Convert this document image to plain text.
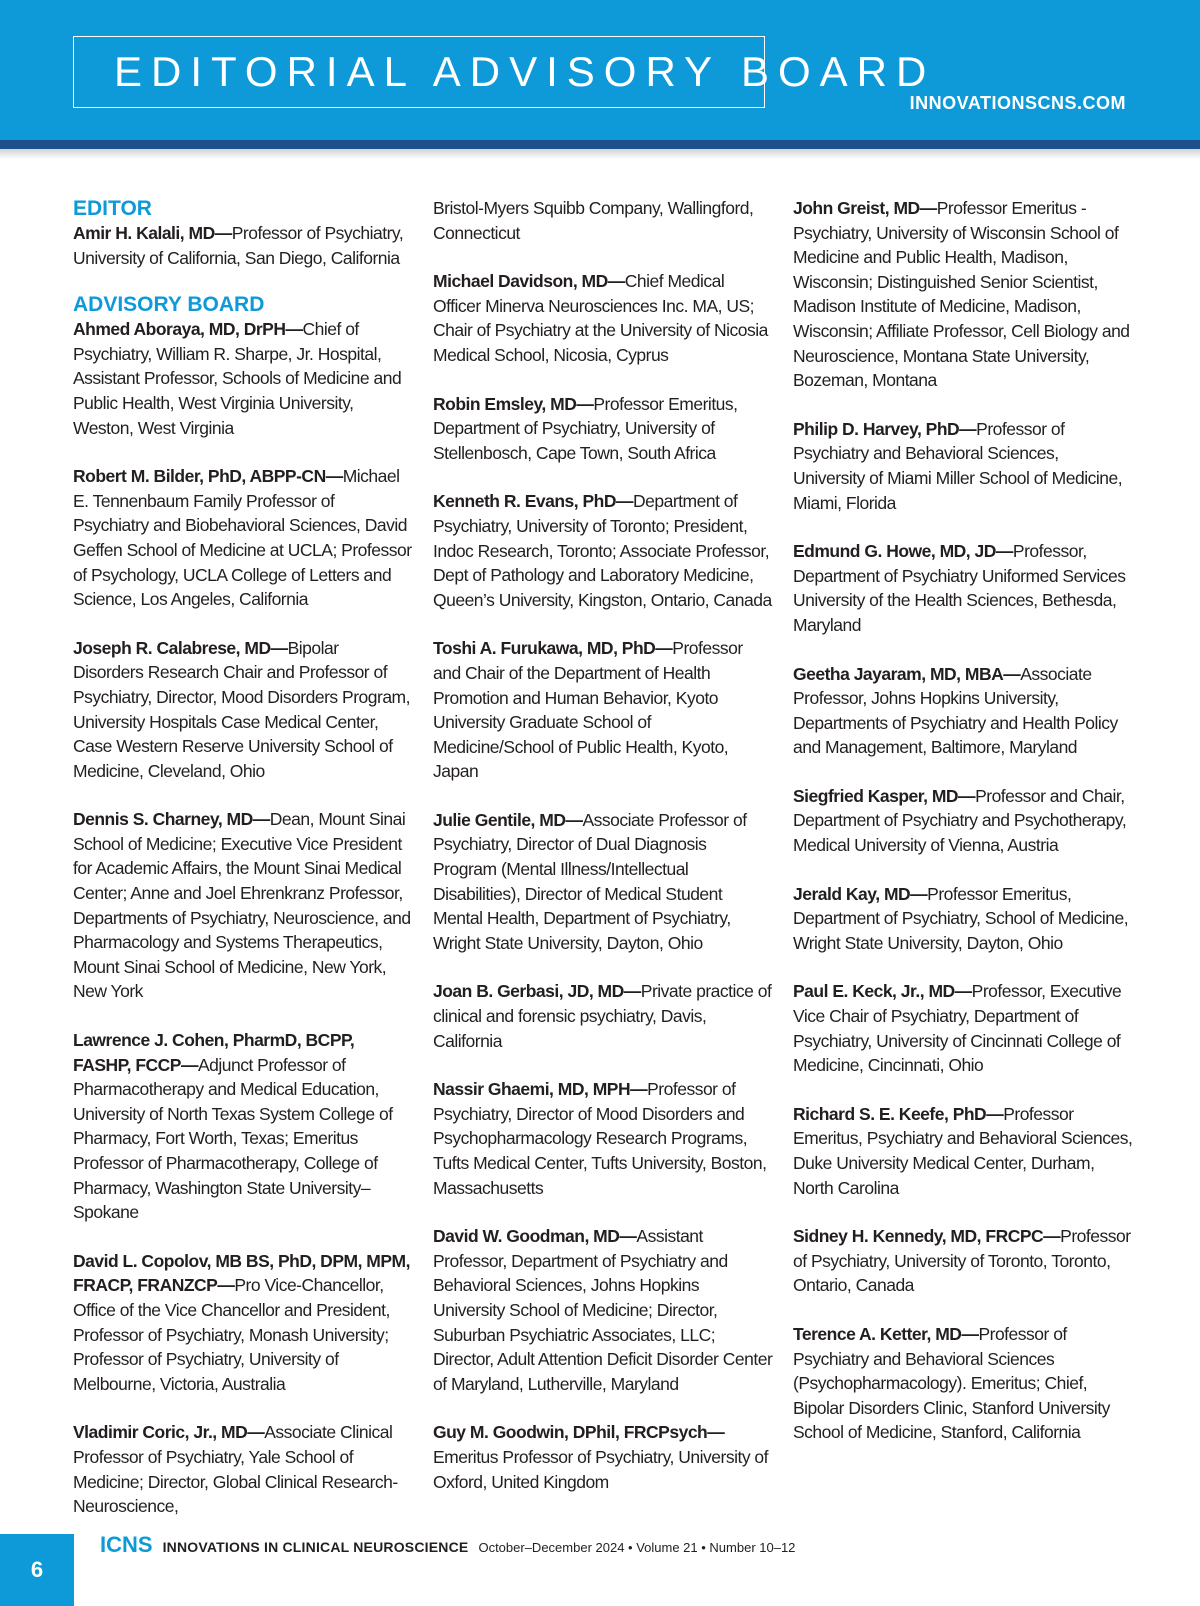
EDITORIAL ADVISORY BOARD
INNOVATIONSCNS.COM
EDITOR
Amir H. Kalali, MD—Professor of Psychiatry, University of California, San Diego, California
ADVISORY BOARD
Ahmed Aboraya, MD, DrPH—Chief of Psychiatry, William R. Sharpe, Jr. Hospital, Assistant Professor, Schools of Medicine and Public Health, West Virginia University, Weston, West Virginia
Robert M. Bilder, PhD, ABPP-CN—Michael E. Tennenbaum Family Professor of Psychiatry and Biobehavioral Sciences, David Geffen School of Medicine at UCLA; Professor of Psychology, UCLA College of Letters and Science, Los Angeles, California
Joseph R. Calabrese, MD—Bipolar Disorders Research Chair and Professor of Psychiatry, Director, Mood Disorders Program, University Hospitals Case Medical Center, Case Western Reserve University School of Medicine, Cleveland, Ohio
Dennis S. Charney, MD—Dean, Mount Sinai School of Medicine; Executive Vice President for Academic Affairs, the Mount Sinai Medical Center; Anne and Joel Ehrenkranz Professor, Departments of Psychiatry, Neuroscience, and Pharmacology and Systems Therapeutics, Mount Sinai School of Medicine, New York, New York
Lawrence J. Cohen, PharmD, BCPP, FASHP, FCCP—Adjunct Professor of Pharmacotherapy and Medical Education, University of North Texas System College of Pharmacy, Fort Worth, Texas; Emeritus Professor of Pharmacotherapy, College of Pharmacy, Washington State University–Spokane
David L. Copolov, MB BS, PhD, DPM, MPM, FRACP, FRANZCP—Pro Vice-Chancellor, Office of the Vice Chancellor and President, Professor of Psychiatry, Monash University; Professor of Psychiatry, University of Melbourne, Victoria, Australia
Vladimir Coric, Jr., MD—Associate Clinical Professor of Psychiatry, Yale School of Medicine; Director, Global Clinical Research-Neuroscience,
Bristol-Myers Squibb Company, Wallingford, Connecticut
Michael Davidson, MD—Chief Medical Officer Minerva Neurosciences Inc. MA, US; Chair of Psychiatry at the University of Nicosia Medical School, Nicosia, Cyprus
Robin Emsley, MD—Professor Emeritus, Department of Psychiatry, University of Stellenbosch, Cape Town, South Africa
Kenneth R. Evans, PhD—Department of Psychiatry, University of Toronto; President, Indoc Research, Toronto; Associate Professor, Dept of Pathology and Laboratory Medicine, Queen’s University, Kingston, Ontario, Canada
Toshi A. Furukawa, MD, PhD—Professor and Chair of the Department of Health Promotion and Human Behavior, Kyoto University Graduate School of Medicine/School of Public Health, Kyoto, Japan
Julie Gentile, MD—Associate Professor of Psychiatry, Director of Dual Diagnosis Program (Mental Illness/Intellectual Disabilities), Director of Medical Student Mental Health, Department of Psychiatry, Wright State University, Dayton, Ohio
Joan B. Gerbasi, JD, MD—Private practice of clinical and forensic psychiatry, Davis, California
Nassir Ghaemi, MD, MPH—Professor of Psychiatry, Director of Mood Disorders and Psychopharmacology Research Programs, Tufts Medical Center, Tufts University, Boston, Massachusetts
David W. Goodman, MD—Assistant Professor, Department of Psychiatry and Behavioral Sciences, Johns Hopkins University School of Medicine; Director, Suburban Psychiatric Associates, LLC; Director, Adult Attention Deficit Disorder Center of Maryland, Lutherville, Maryland
Guy M. Goodwin, DPhil, FRCPsych—Emeritus Professor of Psychiatry, University of Oxford, United Kingdom
John Greist, MD—Professor Emeritus - Psychiatry, University of Wisconsin School of Medicine and Public Health, Madison, Wisconsin; Distinguished Senior Scientist, Madison Institute of Medicine, Madison, Wisconsin; Affiliate Professor, Cell Biology and Neuroscience, Montana State University, Bozeman, Montana
Philip D. Harvey, PhD—Professor of Psychiatry and Behavioral Sciences, University of Miami Miller School of Medicine, Miami, Florida
Edmund G. Howe, MD, JD—Professor, Department of Psychiatry Uniformed Services University of the Health Sciences, Bethesda, Maryland
Geetha Jayaram, MD, MBA—Associate Professor, Johns Hopkins University, Departments of Psychiatry and Health Policy and Management, Baltimore, Maryland
Siegfried Kasper, MD—Professor and Chair, Department of Psychiatry and Psychotherapy, Medical University of Vienna, Austria
Jerald Kay, MD—Professor Emeritus, Department of Psychiatry, School of Medicine, Wright State University, Dayton, Ohio
Paul E. Keck, Jr., MD—Professor, Executive Vice Chair of Psychiatry, Department of Psychiatry, University of Cincinnati College of Medicine, Cincinnati, Ohio
Richard S. E. Keefe, PhD—Professor Emeritus, Psychiatry and Behavioral Sciences, Duke University Medical Center, Durham, North Carolina
Sidney H. Kennedy, MD, FRCPC—Professor of Psychiatry, University of Toronto, Toronto, Ontario, Canada
Terence A. Ketter, MD—Professor of Psychiatry and Behavioral Sciences (Psychopharmacology). Emeritus; Chief, Bipolar Disorders Clinic, Stanford University School of Medicine, Stanford, California
6
ICNS INNOVATIONS IN CLINICAL NEUROSCIENCE October–December 2024 • Volume 21 • Number 10–12
